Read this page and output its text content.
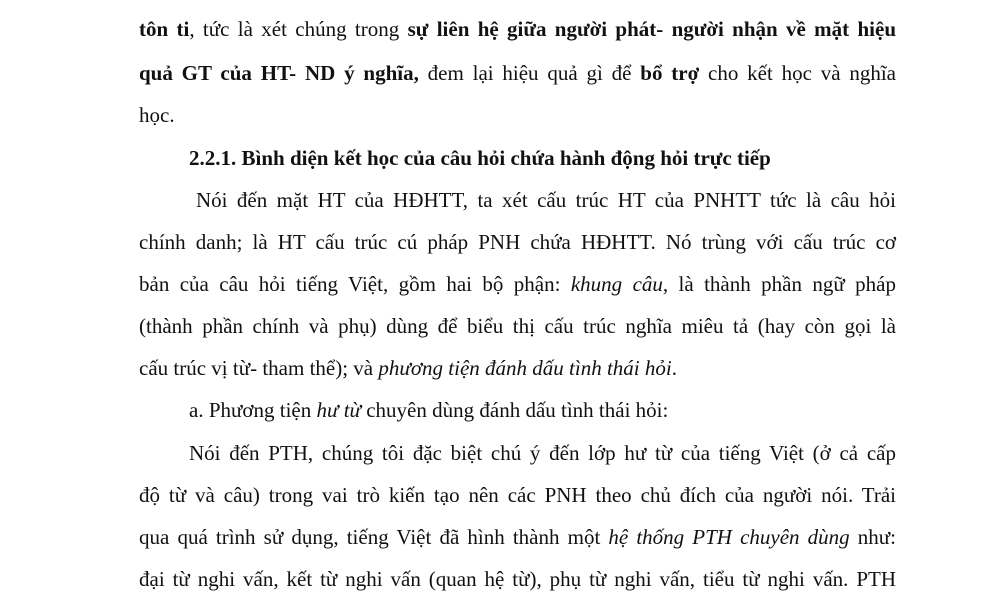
tôn ti, tức là xét chúng trong sự liên hệ giữa người phát- người nhận về mặt hiệu
quả GT của HT- ND ý nghĩa, đem lại hiệu quả gì để bổ trợ cho kết học và nghĩa
học.
2.2.1. Bình diện kết học của câu hỏi chứa hành động hỏi trực tiếp
Nói đến mặt HT của HĐHTT, ta xét cấu trúc HT của PNHTT tức là câu hỏi
chính danh; là HT cấu trúc cú pháp PNH chứa HĐHTT. Nó trùng với cấu trúc cơ
bản của câu hỏi tiếng Việt, gồm hai bộ phận: khung câu, là thành phần ngữ pháp
(thành phần chính và phụ) dùng để biểu thị cấu trúc nghĩa miêu tả (hay còn gọi là
cấu trúc vị từ- tham thể); và phương tiện đánh dấu tình thái hỏi.
a. Phương tiện hư từ chuyên dùng đánh dấu tình thái hỏi:
Nói đến PTH, chúng tôi đặc biệt chú ý đến lớp hư từ của tiếng Việt (ở cả cấp
độ từ và câu) trong vai trò kiến tạo nên các PNH theo chủ đích của người nói. Trải
qua quá trình sử dụng, tiếng Việt đã hình thành một hệ thống PTH chuyên dùng như:
đại từ nghi vấn, kết từ nghi vấn (quan hệ từ), phụ từ nghi vấn, tiểu từ nghi vấn. PTH
